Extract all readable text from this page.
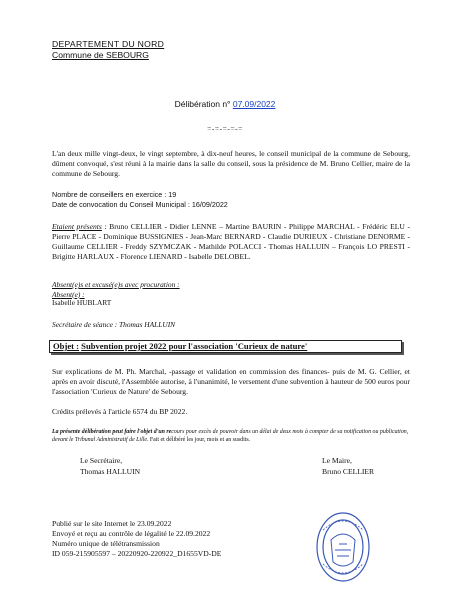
DEPARTEMENT DU NORD
Commune de SEBOURG
Délibération n° 07.09/2022
=-=-=-=-=
L'an deux mille vingt-deux, le vingt septembre, à dix-neuf heures, le conseil municipal de la commune de Sebourg, dûment convoqué, s'est réuni à la mairie dans la salle du conseil, sous la présidence de M. Bruno Cellier, maire de la commune de Sebourg.
Nombre de conseillers en exercice : 19
Date de convocation du Conseil Municipal : 16/09/2022
Etaient présents : Bruno CELLIER - Didier LENNE – Martine BAURIN - Philippe MARCHAL - Frédéric ELU - Pierre PLACE - Dominique BUSSIGNIES - Jean-Marc BERNARD - Claudie DURIEUX - Christiane DENORME - Guillaume CELLIER - Freddy SZYMCZAK - Mathilde POLACCI - Thomas HALLUIN – François LO PRESTI - Brigitte HARLAUX - Florence LIENARD - Isabelle DELOBEL.
Absent(e)s et excusé(e)s avec procuration :
Absent(e) :
Isabelle HUBLART
Secrétaire de séance : Thomas HALLUIN
Objet : Subvention projet 2022 pour l'association 'Curieux de nature'
Sur explications de M. Ph. Marchal, -passage et validation en commission des finances- puis de M. G. Cellier, et après en avoir discuté, l'Assemblée autorise, à l'unanimité, le versement d'une subvention à hauteur de 500 euros pour l'association 'Curieux de Nature' de Sebourg.
Crédits prélevés à l'article 6574 du BP 2022.
La présente délibération peut faire l'objet d'un recours pour excès de pouvoir dans un délai de deux mois à compter de sa notification ou publication, devant le Tribunal Administratif de Lille. Fait et délibéré les jour, mois et an susdits.
Le Secrétaire,
Thomas HALLUIN
Le Maire,
Bruno CELLIER
Publié sur le site Internet le 23.09.2022
Envoyé et reçu au contrôle de légalité le 22.09.2022
Numéro unique de télétransmission
ID 059-215905597 – 20220920-220922_D1655VD-DE
